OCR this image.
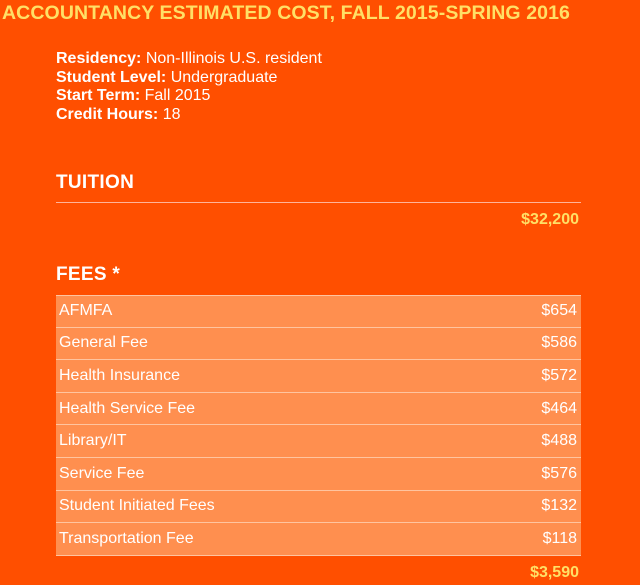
ACCOUNTANCY ESTIMATED COST, FALL 2015-SPRING 2016
Residency: Non-Illinois U.S. resident
Student Level: Undergraduate
Start Term: Fall 2015
Credit Hours: 18
TUITION
$32,200
FEES *
AFMFA	$654
General Fee	$586
Health Insurance	$572
Health Service Fee	$464
Library/IT	$488
Service Fee	$576
Student Initiated Fees	$132
Transportation Fee	$118
$3,590
